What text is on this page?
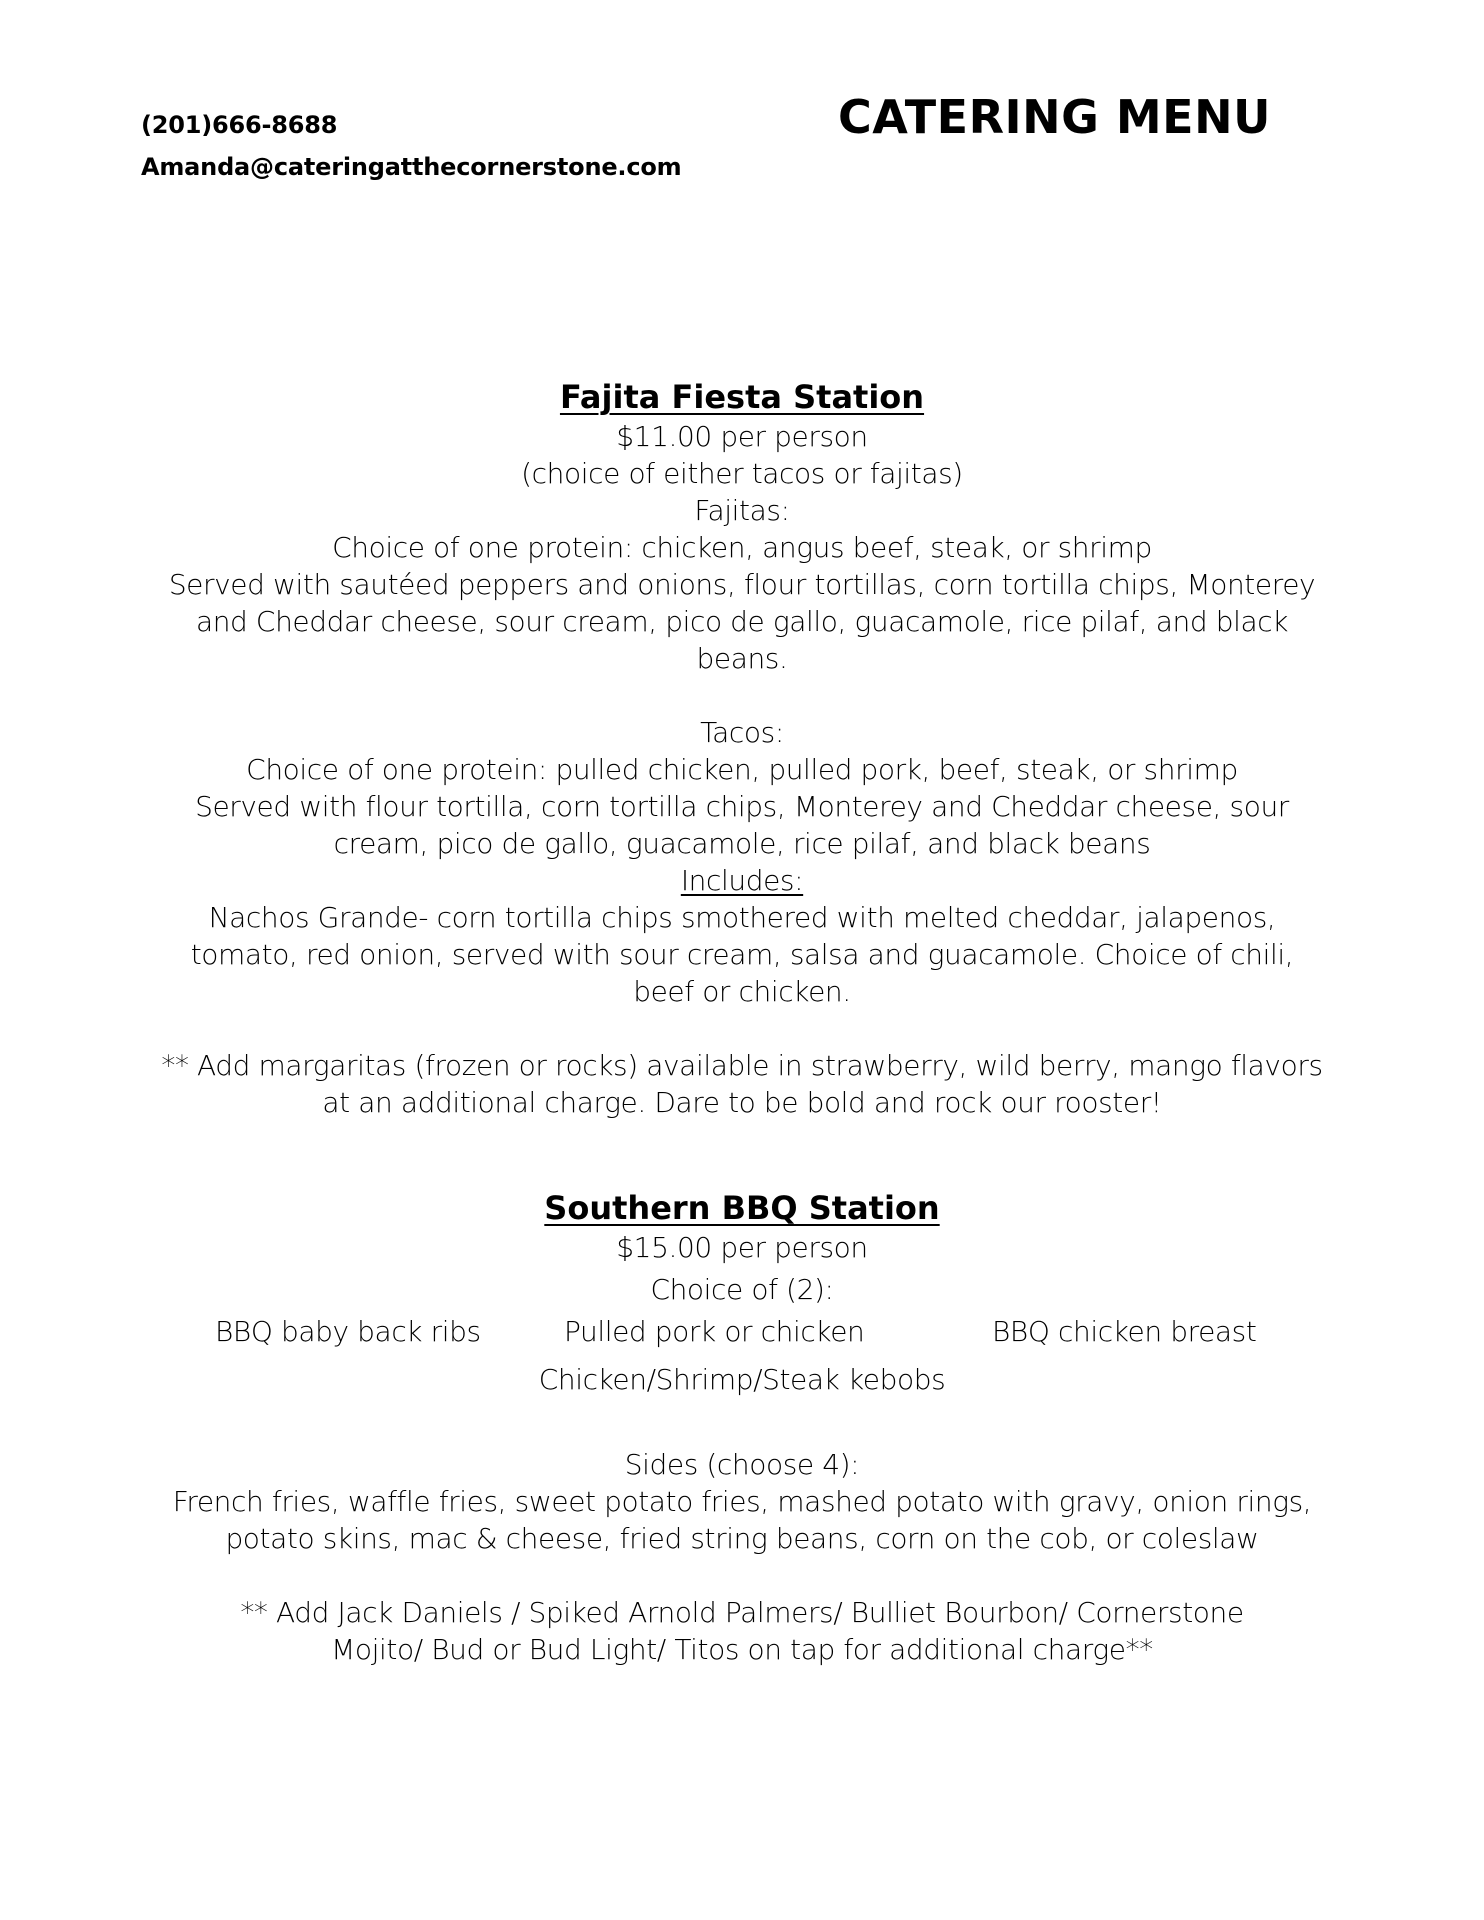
(201)666-8688
Amanda@cateringatthecornerstone.com
CATERING MENU
Fajita Fiesta Station

$11.00 per person

(choice of either tacos or fajitas)

Fajitas:

Choice of one protein: chicken, angus beef, steak, or shrimp

Served with sautéed peppers and onions, flour tortillas, corn tortilla chips, Monterey

and Cheddar cheese, sour cream, pico de gallo, guacamole, rice pilaf, and black

beans.

Tacos:

Choice of one protein: pulled chicken, pulled pork, beef, steak, or shrimp

Served with flour tortilla, corn tortilla chips, Monterey and Cheddar cheese, sour

cream, pico de gallo, guacamole, rice pilaf, and black beans

Includes:

Nachos Grande- corn tortilla chips smothered with melted cheddar, jalapenos,

tomato, red onion, served with sour cream, salsa and guacamole. Choice of chili,

beef or chicken.

** Add margaritas (frozen or rocks) available in strawberry, wild berry, mango flavors

at an additional charge. Dare to be bold and rock our rooster!

Southern BBQ Station

$15.00 per person

Choice of (2):

BBQ baby back ribs	Pulled pork or chicken	BBQ chicken breast

Chicken/Shrimp/Steak kebobs

Sides (choose 4):

French fries, waffle fries, sweet potato fries, mashed potato with gravy, onion rings,

potato skins, mac & cheese, fried string beans, corn on the cob, or coleslaw

** Add Jack Daniels / Spiked Arnold Palmers/ Bulliet Bourbon/ Cornerstone

Mojito/ Bud or Bud Light/ Titos on tap for additional charge**
